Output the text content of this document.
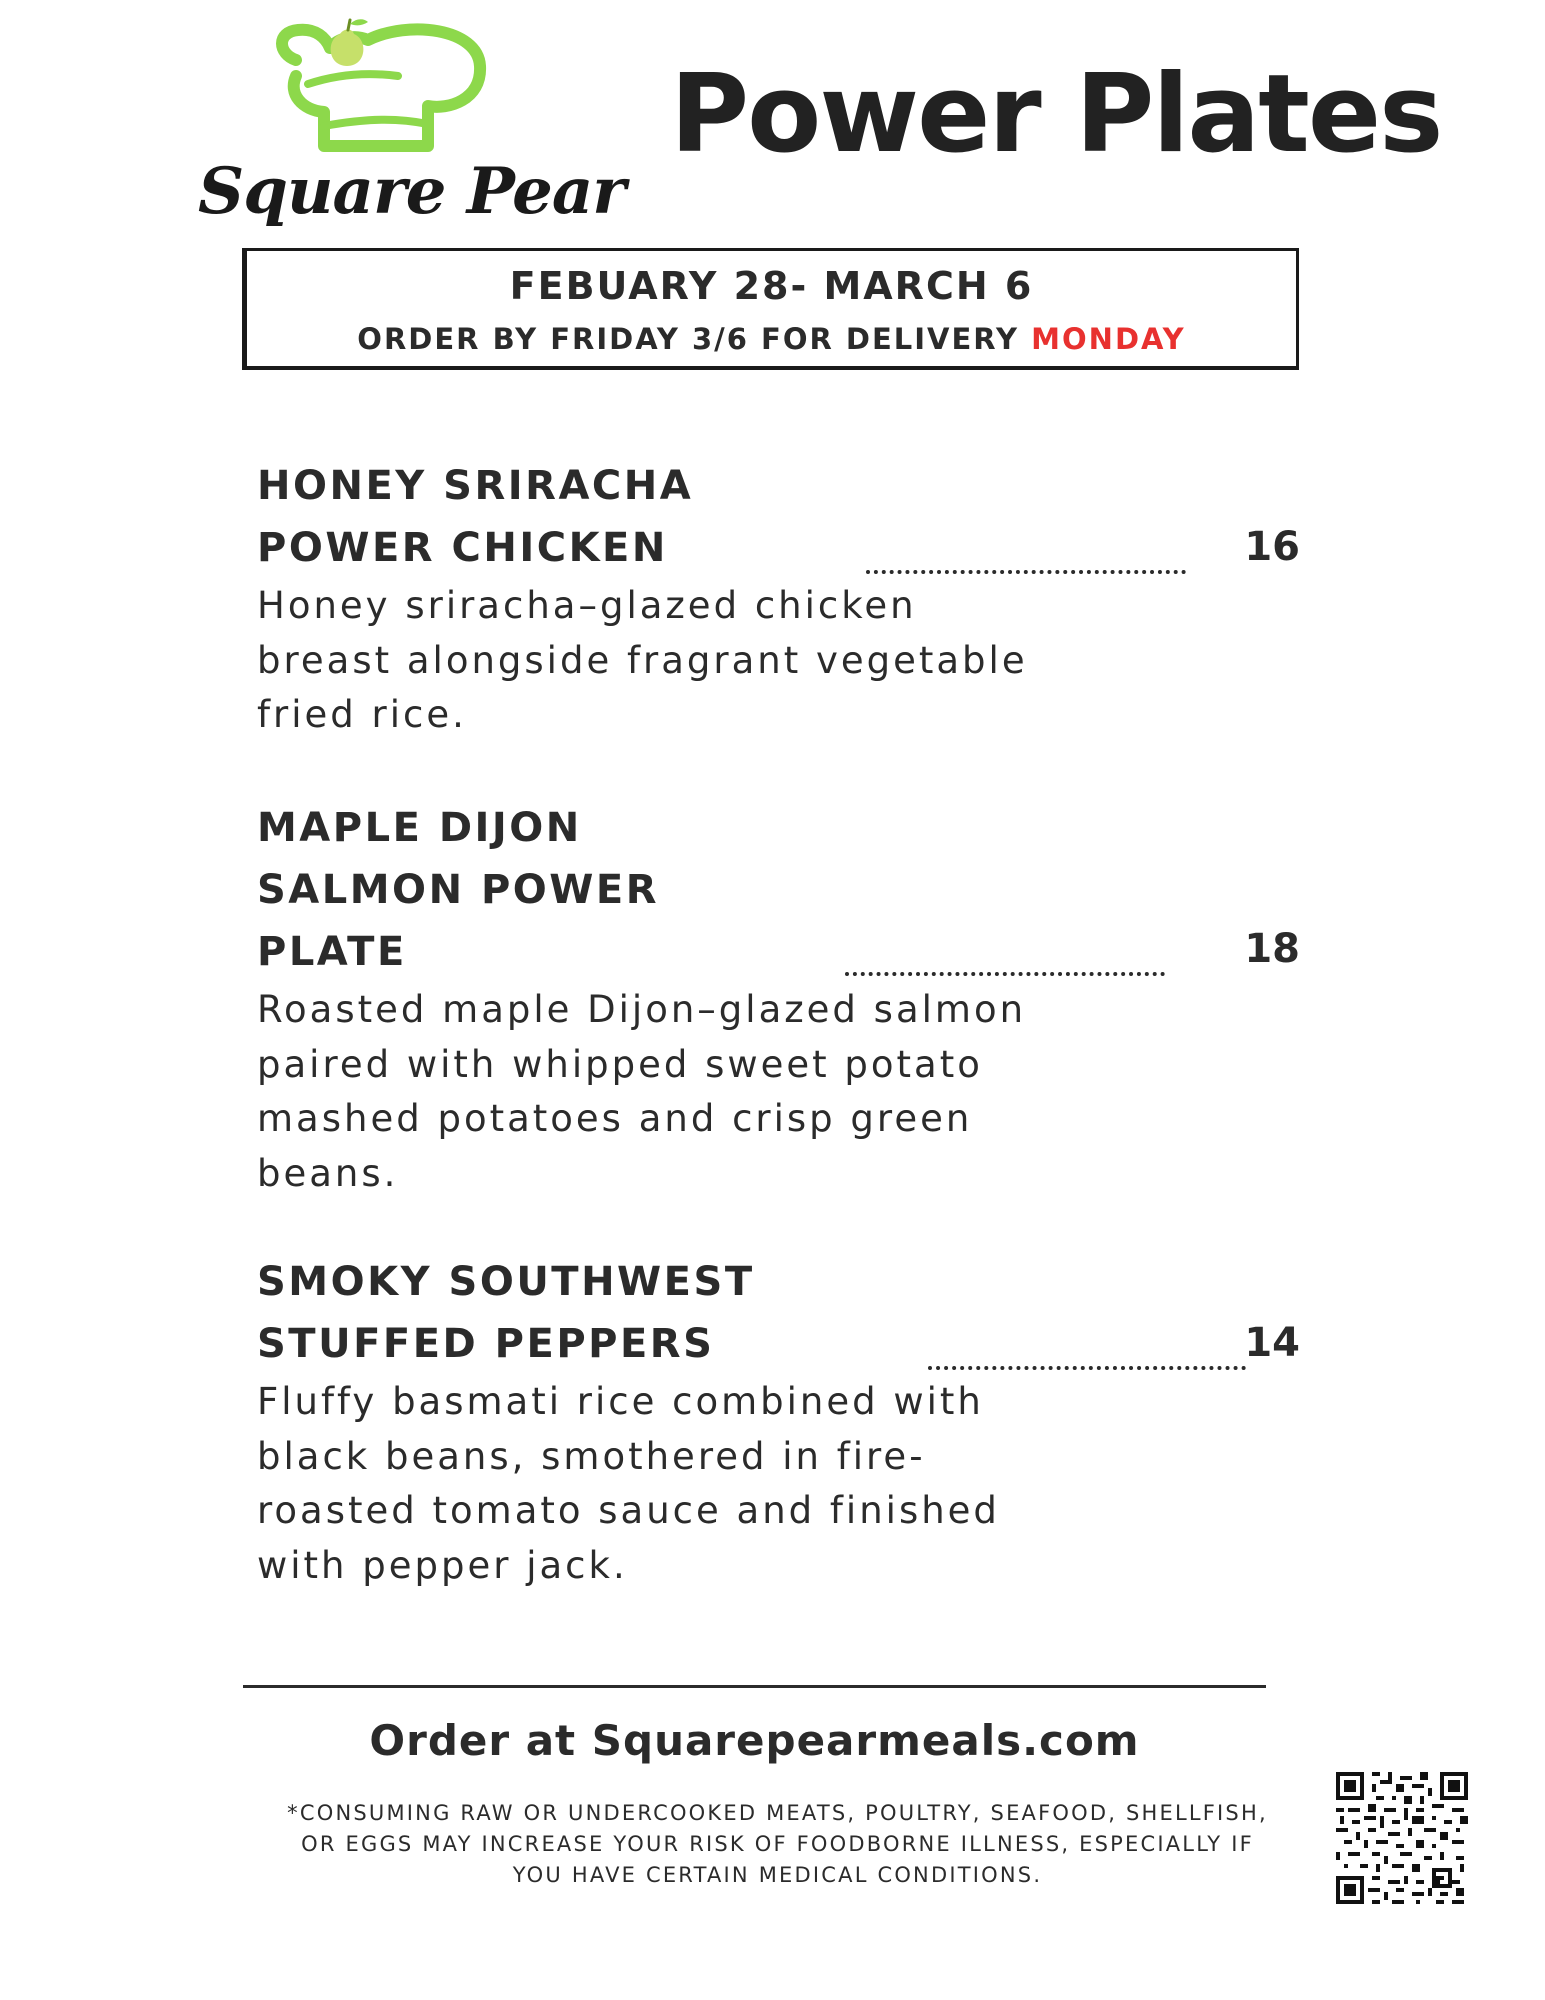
Square Pear
Power Plates
FEBUARY 28- MARCH 6
ORDER BY FRIDAY 3/6 FOR DELIVERY MONDAY

HONEY SRIRACHA

POWER CHICKEN

Honey sriracha–glazed chicken

breast alongside fragrant vegetable

fried rice.

16

MAPLE DIJON

SALMON POWER

PLATE

Roasted maple Dijon–glazed salmon

paired with whipped sweet potato

mashed potatoes and crisp green

beans.

18

SMOKY SOUTHWEST

STUFFED PEPPERS

Fluffy basmati rice combined with

black beans, smothered in fire-

roasted tomato sauce and finished

with pepper jack.

14
Order at Squarepearmeals.com
*CONSUMING RAW OR UNDERCOOKED MEATS, POULTRY, SEAFOOD, SHELLFISH,
OR EGGS MAY INCREASE YOUR RISK OF FOODBORNE ILLNESS, ESPECIALLY IF
YOU HAVE CERTAIN MEDICAL CONDITIONS.
